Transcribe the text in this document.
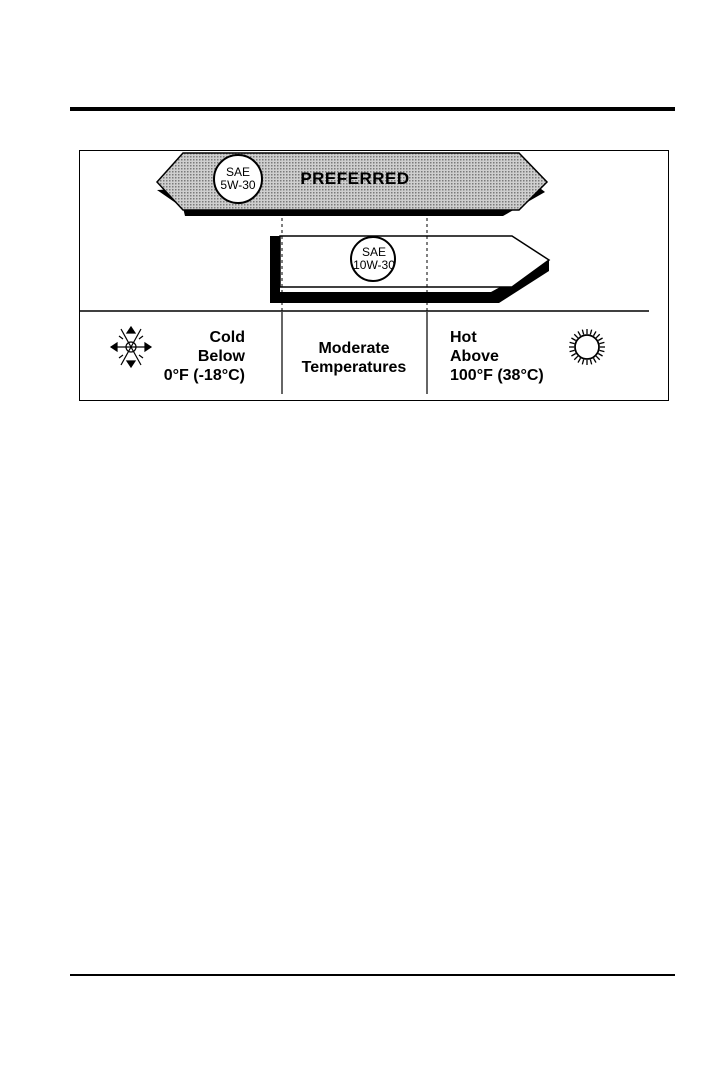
PREFERRED
SAE
5W-30
SAE
10W-30
Cold
Below
0°F (-18°C)
Moderate
Temperatures
Hot
Above
100°F (38°C)
